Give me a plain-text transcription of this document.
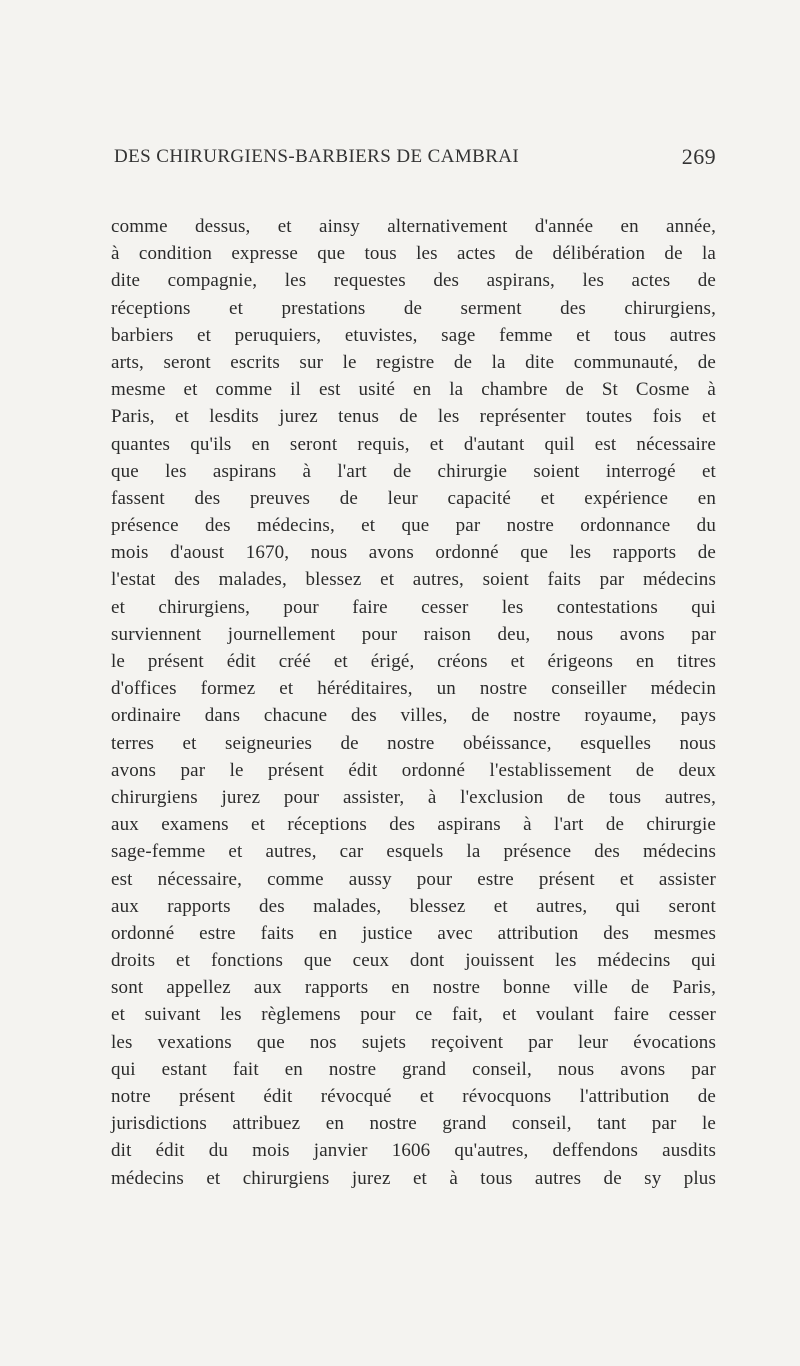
DES CHIRURGIENS-BARBIERS DE CAMBRAI	269
comme dessus, et ainsy alternativement d'année en année,
à condition expresse que tous les actes de délibération de la
dite compagnie, les requestes des aspirans, les actes de
réceptions et prestations de serment des chirurgiens,
barbiers et peruquiers, etuvistes, sage femme et tous autres
arts, seront escrits sur le registre de la dite communauté, de
mesme et comme il est usité en la chambre de St Cosme à
Paris, et lesdits jurez tenus de les représenter toutes fois et
quantes qu'ils en seront requis, et d'autant quil est nécessaire
que les aspirans à l'art de chirurgie soient interrogé et
fassent des preuves de leur capacité et expérience en
présence des médecins, et que par nostre ordonnance du
mois d'aoust 1670, nous avons ordonné que les rapports de
l'estat des malades, blessez et autres, soient faits par médecins
et chirurgiens, pour faire cesser les contestations qui
surviennent journellement pour raison deu, nous avons par
le présent édit créé et érigé, créons et érigeons en titres
d'offices formez et héréditaires, un nostre conseiller médecin
ordinaire dans chacune des villes, de nostre royaume, pays
terres et seigneuries de nostre obéissance, esquelles nous
avons par le présent édit ordonné l'establissement de deux
chirurgiens jurez pour assister, à l'exclusion de tous autres,
aux examens et réceptions des aspirans à l'art de chirurgie
sage-femme et autres, car esquels la présence des médecins
est nécessaire, comme aussy pour estre présent et assister
aux rapports des malades, blessez et autres, qui seront
ordonné estre faits en justice avec attribution des mesmes
droits et fonctions que ceux dont jouissent les médecins qui
sont appellez aux rapports en nostre bonne ville de Paris,
et suivant les règlemens pour ce fait, et voulant faire cesser
les vexations que nos sujets reçoivent par leur évocations
qui estant fait en nostre grand conseil, nous avons par
notre présent édit révocqué et révocquons l'attribution de
jurisdictions attribuez en nostre grand conseil, tant par le
dit édit du mois janvier 1606 qu'autres, deffendons ausdits
médecins et chirurgiens jurez et à tous autres de sy plus
